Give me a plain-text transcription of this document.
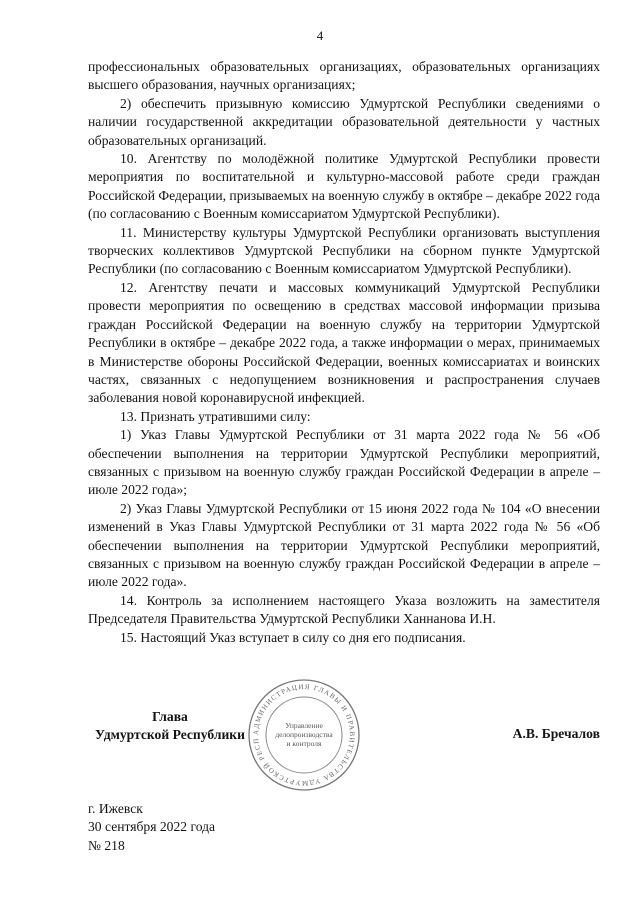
4

профессиональных образовательных организациях, образовательных организациях высшего образования, научных организациях;

2) обеспечить призывную комиссию Удмуртской Республики сведениями о наличии государственной аккредитации образовательной деятельности у частных образовательных организаций.

10. Агентству по молодёжной политике Удмуртской Республики провести мероприятия по воспитательной и культурно-массовой работе среди граждан Российской Федерации, призываемых на военную службу в октябре – декабре 2022 года (по согласованию с Военным комиссариатом Удмуртской Республики).

11. Министерству культуры Удмуртской Республики организовать выступления творческих коллективов Удмуртской Республики на сборном пункте Удмуртской Республики (по согласованию с Военным комиссариатом Удмуртской Республики).

12. Агентству печати и массовых коммуникаций Удмуртской Республики провести мероприятия по освещению в средствах массовой информации призыва граждан Российской Федерации на военную службу на территории Удмуртской Республики в октябре – декабре 2022 года, а также информации о мерах, принимаемых в Министерстве обороны Российской Федерации, военных комиссариатах и воинских частях, связанных с недопущением возникновения и распространения случаев заболевания новой коронавирусной инфекцией.

13. Признать утратившими силу:

1) Указ Главы Удмуртской Республики от 31 марта 2022 года № 56 «Об обеспечении выполнения на территории Удмуртской Республики мероприятий, связанных с призывом на военную службу граждан Российской Федерации в апреле – июле 2022 года»;

2) Указ Главы Удмуртской Республики от 15 июня 2022 года № 104 «О внесении изменений в Указ Главы Удмуртской Республики от 31 марта 2022 года № 56 «Об обеспечении выполнения на территории Удмуртской Республики мероприятий, связанных с призывом на военную службу граждан Российской Федерации в апреле – июле 2022 года».

14. Контроль за исполнением настоящего Указа возложить на заместителя Председателя Правительства Удмуртской Республики Ханнанова И.Н.

15. Настоящий Указ вступает в силу со дня его подписания.

АДМИНИСТРАЦИЯ ГЛАВЫ И ПРАВИТЕЛЬСТВА УДМУРТСКОЙ РЕСП
Управление
делопроизводства
и контроля
Глава
Удмуртской Республики	А.В. Бречалов
г. Ижевск
30 сентября 2022 года
№ 218
